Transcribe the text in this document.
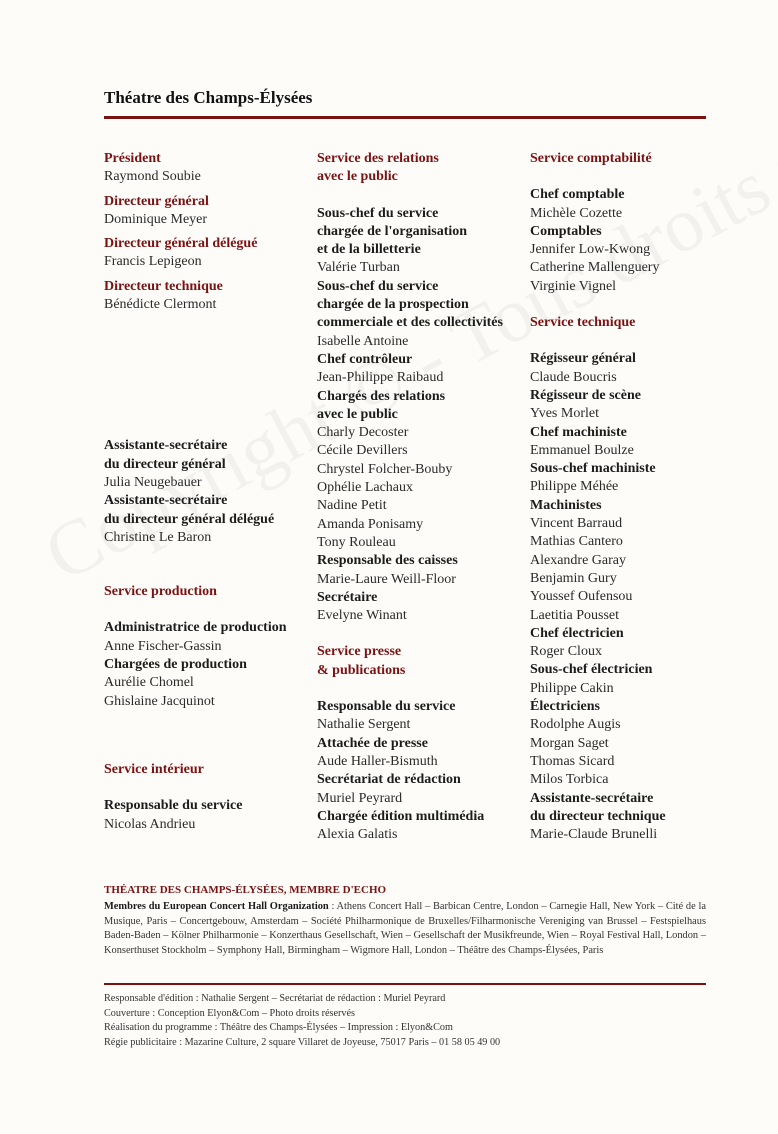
Théatre des Champs-Élysées
Président
Raymond Soubie
Directeur général
Dominique Meyer
Directeur général délégué
Francis Lepigeon
Directeur technique
Bénédicte Clermont
Assistante-secrétaire
du directeur général
Julia Neugebauer
Assistante-secrétaire
du directeur général délégué
Christine Le Baron
Service production
Administratrice de production
Anne Fischer-Gassin
Chargées de production
Aurélie Chomel
Ghislaine Jacquinot
Service intérieur
Responsable du service
Nicolas Andrieu
Service des relations
avec le public
Sous-chef du service
chargée de l'organisation
et de la billetterie
Valérie Turban
Sous-chef du service
chargée de la prospection
commerciale et des collectivités
Isabelle Antoine
Chef contrôleur
Jean-Philippe Raibaud
Chargés des relations
avec le public
Charly Decoster
Cécile Devillers
Chrystel Folcher-Bouby
Ophélie Lachaux
Nadine Petit
Amanda Ponisamy
Tony Rouleau
Responsable des caisses
Marie-Laure Weill-Floor
Secrétaire
Evelyne Winant
Service presse
& publications
Responsable du service
Nathalie Sergent
Attachée de presse
Aude Haller-Bismuth
Secrétariat de rédaction
Muriel Peyrard
Chargée édition multimédia
Alexia Galatis
Service comptabilité
Chef comptable
Michèle Cozette
Comptables
Jennifer Low-Kwong
Catherine Mallenguery
Virginie Vignel
Service technique
Régisseur général
Claude Boucris
Régisseur de scène
Yves Morlet
Chef machiniste
Emmanuel Boulze
Sous-chef machiniste
Philippe Méhée
Machinistes
Vincent Barraud
Mathias Cantero
Alexandre Garay
Benjamin Gury
Youssef Oufensou
Laetitia Pousset
Chef électricien
Roger Cloux
Sous-chef électricien
Philippe Cakin
Électriciens
Rodolphe Augis
Morgan Saget
Thomas Sicard
Milos Torbica
Assistante-secrétaire
du directeur technique
Marie-Claude Brunelli
THÉATRE DES CHAMPS-ÉLYSÉES, MEMBRE D'ECHO
Membres du European Concert Hall Organization : Athens Concert Hall – Barbican Centre, London – Carnegie Hall, New York – Cité de la Musique, Paris – Concertgebouw, Amsterdam – Société Philharmonique de Bruxelles/Filharmonische Vereniging van Brussel – Festspielhaus Baden-Baden – Kölner Philharmonie – Konzerthaus Gesellschaft, Wien – Gesellschaft der Musikfreunde, Wien – Royal Festival Hall, London – Konserthuset Stockholm – Symphony Hall, Birmingham – Wigmore Hall, London – Théâtre des Champs-Élysées, Paris
Responsable d'édition : Nathalie Sergent – Secrétariat de rédaction : Muriel Peyrard
Couverture : Conception Elyon&Com – Photo droits réservés
Réalisation du programme : Théâtre des Champs-Élysées – Impression : Elyon&Com
Régie publicitaire : Mazarine Culture, 2 square Villaret de Joyeuse, 75017 Paris – 01 58 05 49 00
